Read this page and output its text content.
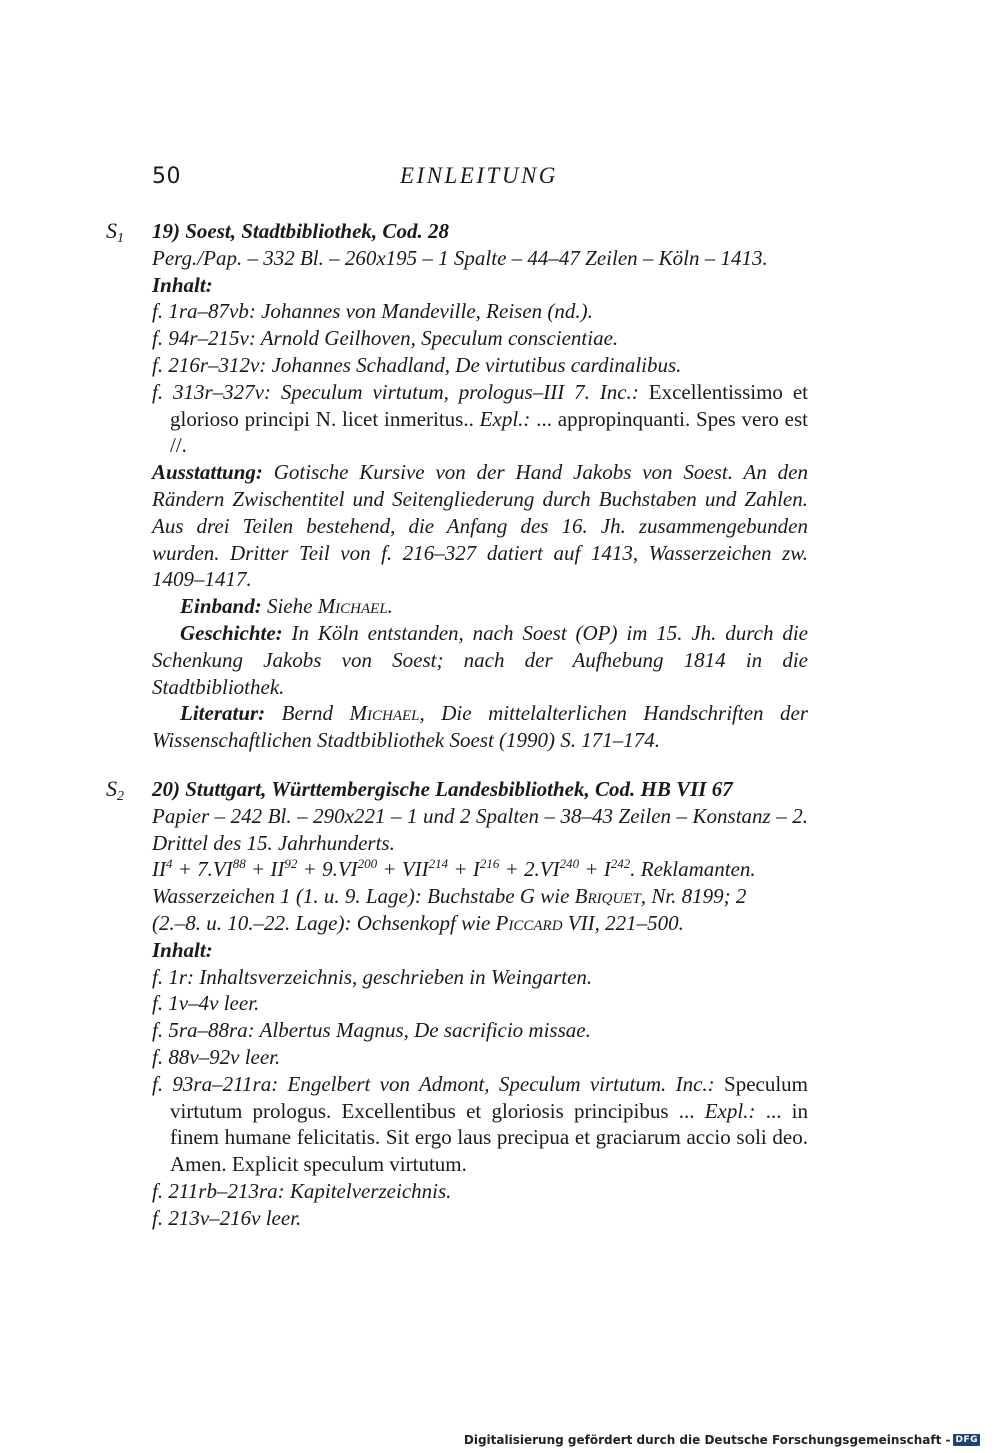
50	EINLEITUNG
$S_1$ 19) Soest, Stadtbibliothek, Cod. 28
Perg./Pap. – 332 Bl. – 260x195 – 1 Spalte – 44–47 Zeilen – Köln – 1413.
Inhalt:
f. 1ra–87vb: Johannes von Mandeville, Reisen (nd.).
f. 94r–215v: Arnold Geilhoven, Speculum conscientiae.
f. 216r–312v: Johannes Schadland, De virtutibus cardinalibus.
f. 313r–327v: Speculum virtutum, prologus–III 7. Inc.: Excellentissimo et glorioso principi N. licet inmeritus.. Expl.: ... appropinquanti. Spes vero est //.
Ausstattung: Gotische Kursive von der Hand Jakobs von Soest. An den Rändern Zwischentitel und Seitengliederung durch Buchstaben und Zahlen. Aus drei Teilen bestehend, die Anfang des 16. Jh. zusammengebunden wurden. Dritter Teil von f. 216–327 datiert auf 1413, Wasserzeichen zw. 1409–1417.
Einband: Siehe Michael.
Geschichte: In Köln entstanden, nach Soest (OP) im 15. Jh. durch die Schenkung Jakobs von Soest; nach der Aufhebung 1814 in die Stadtbibliothek.
Literatur: Bernd Michael, Die mittelalterlichen Handschriften der Wissenschaftlichen Stadtbibliothek Soest (1990) S. 171–174.
$S_2$ 20) Stuttgart, Württembergische Landesbibliothek, Cod. HB VII 67
Papier – 242 Bl. – 290x221 – 1 und 2 Spalten – 38–43 Zeilen – Konstanz – 2. Drittel des 15. Jahrhunderts.
$II^4 + 7.VI^{88} + II^{92} + 9.VI^{200} + VII^{214} + I^{216} + 2.VI^{240} + I^{242}$. Reklamanten.
Wasserzeichen 1 (1. u. 9. Lage): Buchstabe G wie Briquet, Nr. 8199; 2
(2.–8. u. 10.–22. Lage): Ochsenkopf wie Piccard VII, 221–500.
Inhalt:
f. 1r: Inhaltsverzeichnis, geschrieben in Weingarten.
f. 1v–4v leer.
f. 5ra–88ra: Albertus Magnus, De sacrificio missae.
f. 88v–92v leer.
f. 93ra–211ra: Engelbert von Admont, Speculum virtutum. Inc.: Speculum virtutum prologus. Excellentibus et gloriosis principibus ... Expl.: ... in finem humane felicitatis. Sit ergo laus precipua et graciarum accio soli deo. Amen. Explicit speculum virtutum.
f. 211rb–213ra: Kapitelverzeichnis.
f. 213v–216v leer.
Digitalisierung gefördert durch die Deutsche Forschungsgemeinschaft - DFG
